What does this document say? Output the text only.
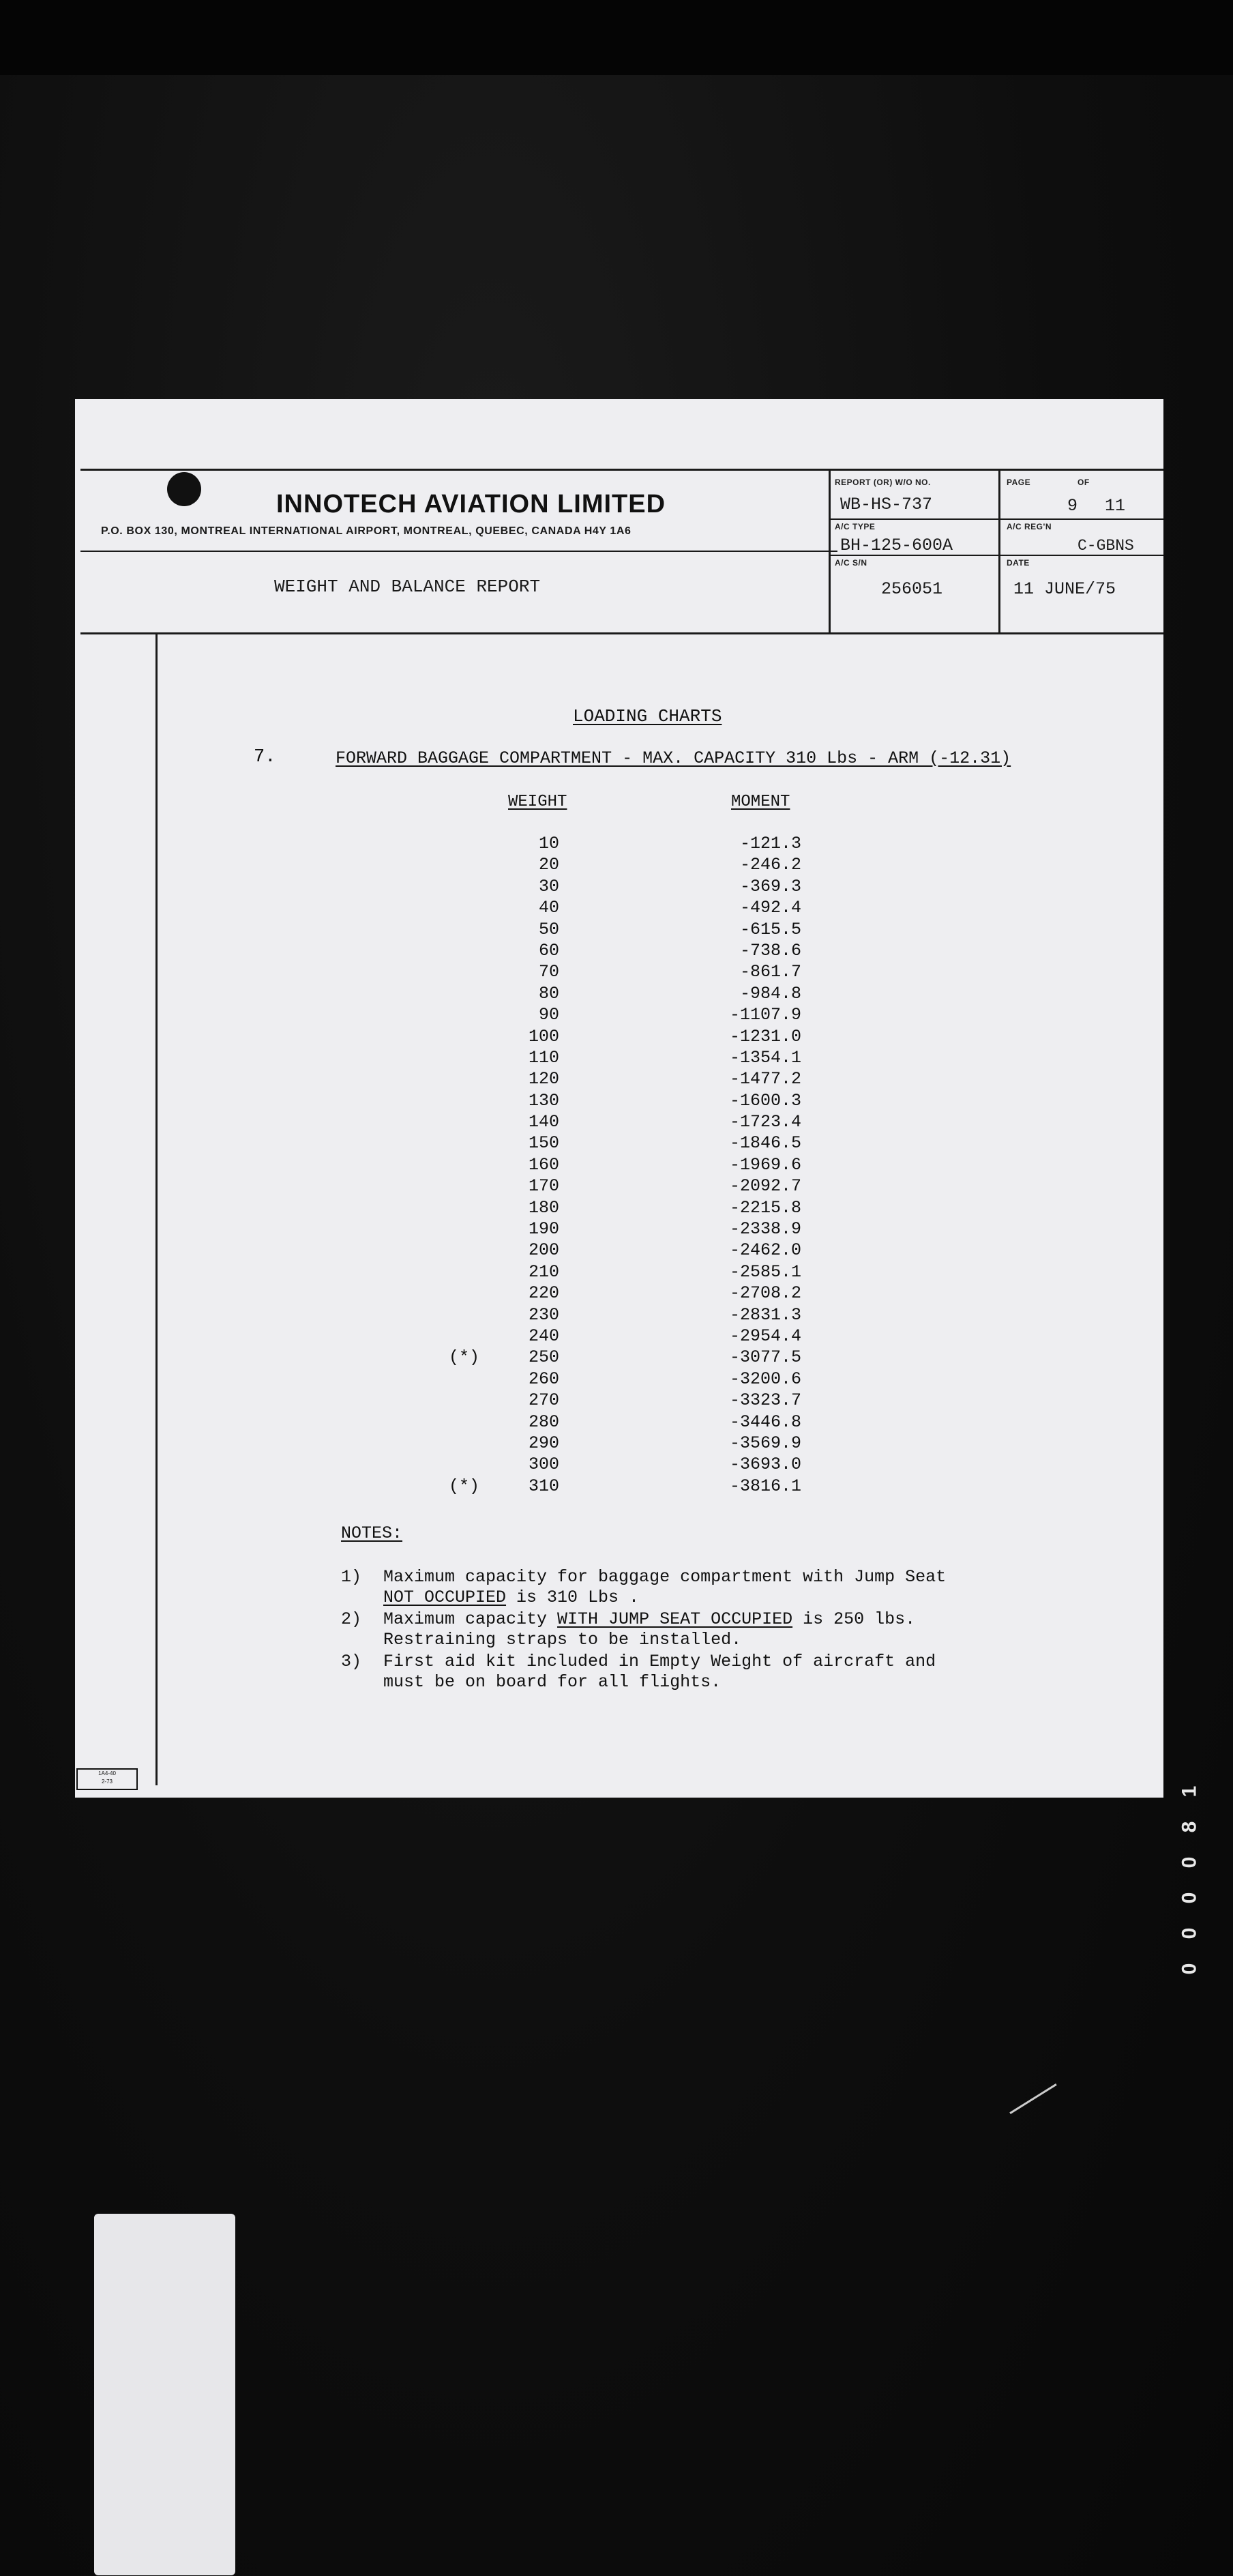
INNOTECH AVIATION LIMITED
P.O. BOX 130, MONTREAL INTERNATIONAL AIRPORT, MONTREAL, QUEBEC, CANADA H4Y 1A6
WEIGHT AND BALANCE REPORT
REPORT (OR) W/O NO.
WB-HS-737
PAGE	OF
9 11
A/C TYPE
BH-125-600A
A/C REG'N
C-GBNS
A/C S/N
256051
DATE
11 JUNE/75
LOADING CHARTS
7.	FORWARD BAGGAGE COMPARTMENT - MAX. CAPACITY 310 Lbs - ARM (-12.31)
WEIGHT	MOMENT
10	-121.3
20	-246.2
30	-369.3
40	-492.4
50	-615.5
60	-738.6
70	-861.7
80	-984.8
90	-1107.9
100	-1231.0
110	-1354.1
120	-1477.2
130	-1600.3
140	-1723.4
150	-1846.5
160	-1969.6
170	-2092.7
180	-2215.8
190	-2338.9
200	-2462.0
210	-2585.1
220	-2708.2
230	-2831.3
240	-2954.4
(*)	250	-3077.5
260	-3200.6
270	-3323.7
280	-3446.8
290	-3569.9
300	-3693.0
(*)	310	-3816.1
NOTES:
1) Maximum capacity for baggage compartment with Jump Seat
NOT OCCUPIED is 310 Lbs .
2) Maximum capacity WITH JUMP SEAT OCCUPIED is 250 lbs.
Restraining straps to be installed.
3) First aid kit included in Empty Weight of aircraft and
must be on board for all flights.
1A4-40
2-73
1
8
0
0
0
0
